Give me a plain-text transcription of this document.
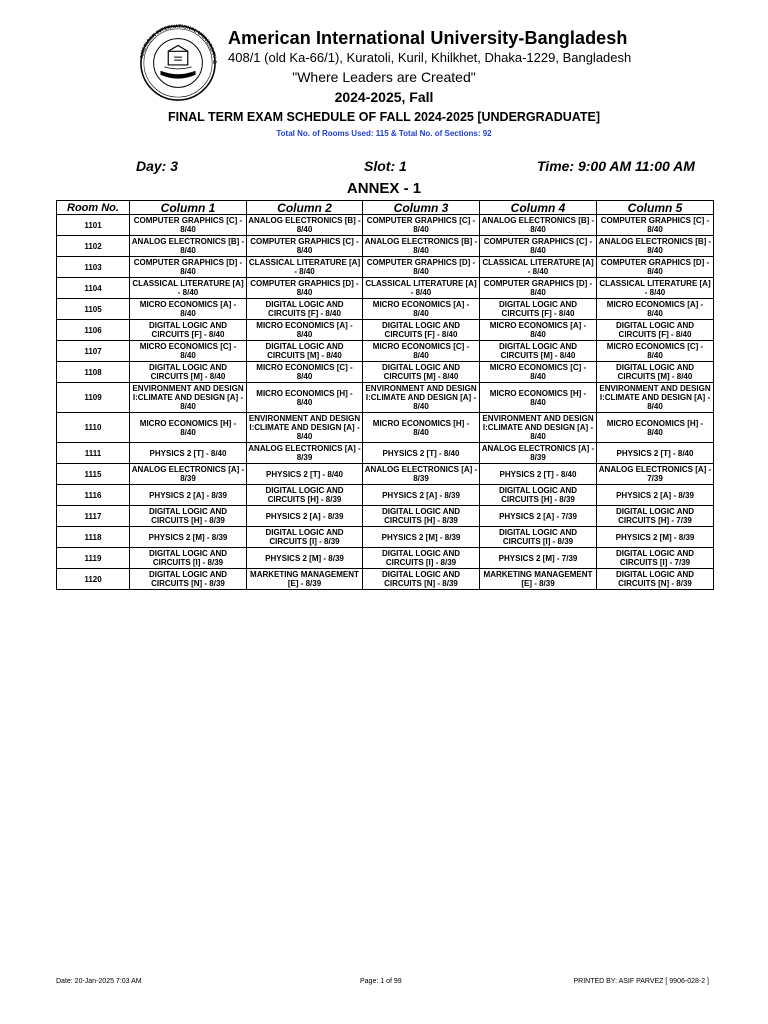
AMERICAN INTERNATIONAL UNIVERSITY-B
American International University-Bangladesh
408/1 (old Ka-66/1), Kuratoli, Kuril, Khilkhet, Dhaka-1229, Bangladesh
"Where Leaders are Created"
2024-2025, Fall
FINAL TERM EXAM SCHEDULE OF FALL 2024-2025 [UNDERGRADUATE]
Total No. of Rooms Used: 115 & Total No. of Sections: 92
Day: 3	Slot: 1	Time: 9:00 AM 11:00 AM
ANNEX - 1
Room No.	Column 1	Column 2	Column 3	Column 4	Column 5
1101	COMPUTER GRAPHICS [C] - 8/40	ANALOG ELECTRONICS [B] - 8/40	COMPUTER GRAPHICS [C] - 8/40	ANALOG ELECTRONICS [B] - 8/40	COMPUTER GRAPHICS [C] - 8/40
1102	ANALOG ELECTRONICS [B] - 8/40	COMPUTER GRAPHICS [C] - 8/40	ANALOG ELECTRONICS [B] - 8/40	COMPUTER GRAPHICS [C] - 8/40	ANALOG ELECTRONICS [B] - 8/40
1103	COMPUTER GRAPHICS [D] - 8/40	CLASSICAL LITERATURE [A] - 8/40	COMPUTER GRAPHICS [D] - 8/40	CLASSICAL LITERATURE [A] - 8/40	COMPUTER GRAPHICS [D] - 8/40
1104	CLASSICAL LITERATURE [A] - 8/40	COMPUTER GRAPHICS [D] - 8/40	CLASSICAL LITERATURE [A] - 8/40	COMPUTER GRAPHICS [D] - 8/40	CLASSICAL LITERATURE [A] - 8/40
1105	MICRO ECONOMICS [A] - 8/40	DIGITAL LOGIC AND CIRCUITS [F] - 8/40	MICRO ECONOMICS [A] - 8/40	DIGITAL LOGIC AND CIRCUITS [F] - 8/40	MICRO ECONOMICS [A] - 8/40
1106	DIGITAL LOGIC AND CIRCUITS [F] - 8/40	MICRO ECONOMICS [A] - 8/40	DIGITAL LOGIC AND CIRCUITS [F] - 8/40	MICRO ECONOMICS [A] - 8/40	DIGITAL LOGIC AND CIRCUITS [F] - 8/40
1107	MICRO ECONOMICS [C] - 8/40	DIGITAL LOGIC AND CIRCUITS [M] - 8/40	MICRO ECONOMICS [C] - 8/40	DIGITAL LOGIC AND CIRCUITS [M] - 8/40	MICRO ECONOMICS [C] - 8/40
1108	DIGITAL LOGIC AND CIRCUITS [M] - 8/40	MICRO ECONOMICS [C] - 8/40	DIGITAL LOGIC AND CIRCUITS [M] - 8/40	MICRO ECONOMICS [C] - 8/40	DIGITAL LOGIC AND CIRCUITS [M] - 8/40
1109	ENVIRONMENT AND DESIGN I:CLIMATE AND DESIGN [A] - 8/40	MICRO ECONOMICS [H] - 8/40	ENVIRONMENT AND DESIGN I:CLIMATE AND DESIGN [A] - 8/40	MICRO ECONOMICS [H] - 8/40	ENVIRONMENT AND DESIGN I:CLIMATE AND DESIGN [A] - 8/40
1110	MICRO ECONOMICS [H] - 8/40	ENVIRONMENT AND DESIGN I:CLIMATE AND DESIGN [A] - 8/40	MICRO ECONOMICS [H] - 8/40	ENVIRONMENT AND DESIGN I:CLIMATE AND DESIGN [A] - 8/40	MICRO ECONOMICS [H] - 8/40
1111	PHYSICS 2 [T] - 8/40	ANALOG ELECTRONICS [A] - 8/39	PHYSICS 2 [T] - 8/40	ANALOG ELECTRONICS [A] - 8/39	PHYSICS 2 [T] - 8/40
1115	ANALOG ELECTRONICS [A] - 8/39	PHYSICS 2 [T] - 8/40	ANALOG ELECTRONICS [A] - 8/39	PHYSICS 2 [T] - 8/40	ANALOG ELECTRONICS [A] - 7/39
1116	PHYSICS 2 [A] - 8/39	DIGITAL LOGIC AND CIRCUITS [H] - 8/39	PHYSICS 2 [A] - 8/39	DIGITAL LOGIC AND CIRCUITS [H] - 8/39	PHYSICS 2 [A] - 8/39
1117	DIGITAL LOGIC AND CIRCUITS [H] - 8/39	PHYSICS 2 [A] - 8/39	DIGITAL LOGIC AND CIRCUITS [H] - 8/39	PHYSICS 2 [A] - 7/39	DIGITAL LOGIC AND CIRCUITS [H] - 7/39
1118	PHYSICS 2 [M] - 8/39	DIGITAL LOGIC AND CIRCUITS [I] - 8/39	PHYSICS 2 [M] - 8/39	DIGITAL LOGIC AND CIRCUITS [I] - 8/39	PHYSICS 2 [M] - 8/39
1119	DIGITAL LOGIC AND CIRCUITS [I] - 8/39	PHYSICS 2 [M] - 8/39	DIGITAL LOGIC AND CIRCUITS [I] - 8/39	PHYSICS 2 [M] - 7/39	DIGITAL LOGIC AND CIRCUITS [I] - 7/39
1120	DIGITAL LOGIC AND CIRCUITS [N] - 8/39	MARKETING MANAGEMENT [E] - 8/39	DIGITAL LOGIC AND CIRCUITS [N] - 8/39	MARKETING MANAGEMENT [E] - 8/39	DIGITAL LOGIC AND CIRCUITS [N] - 8/39
Date: 20-Jan-2025 7:03 AM	Page: 1 of 99	PRINTED BY: ASIF PARVEZ [ 9906-028-2 ]
